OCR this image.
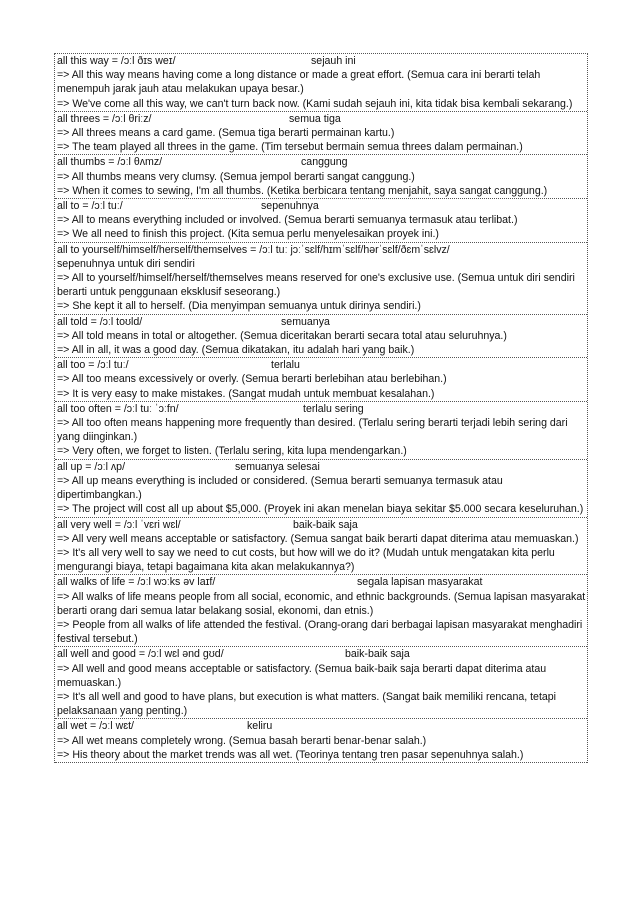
all this way = /ɔːl ðɪs weɪ/	sejauh ini
=> All this way means having come a long distance or made a great effort. (Semua cara ini berarti telah menempuh jarak jauh atau melakukan upaya besar.)
=> We've come all this way, we can't turn back now. (Kami sudah sejauh ini, kita tidak bisa kembali sekarang.)
all threes = /ɔːl θriːz/	semua tiga
=> All threes means a card game. (Semua tiga berarti permainan kartu.)
=> The team played all threes in the game. (Tim tersebut bermain semua threes dalam permainan.)
all thumbs = /ɔːl θʌmz/	canggung
=> All thumbs means very clumsy. (Semua jempol berarti sangat canggung.)
=> When it comes to sewing, I'm all thumbs. (Ketika berbicara tentang menjahit, saya sangat canggung.)
all to = /ɔːl tuː/	sepenuhnya
=> All to means everything included or involved. (Semua berarti semuanya termasuk atau terlibat.)
=> We all need to finish this project. (Kita semua perlu menyelesaikan proyek ini.)
all to yourself/himself/herself/themselves = /ɔːl tuː jɔːˈsɛlf/hɪmˈsɛlf/hərˈsɛlf/ðɛmˈsɛlvz/
sepenuhnya untuk diri sendiri
=> All to yourself/himself/herself/themselves means reserved for one's exclusive use. (Semua untuk diri sendiri berarti untuk penggunaan eksklusif seseorang.)
=> She kept it all to herself. (Dia menyimpan semuanya untuk dirinya sendiri.)
all told = /ɔːl toʊld/	semuanya
=> All told means in total or altogether. (Semua diceritakan berarti secara total atau seluruhnya.)
=> All in all, it was a good day. (Semua dikatakan, itu adalah hari yang baik.)
all too = /ɔːl tuː/	terlalu
=> All too means excessively or overly. (Semua berarti berlebihan atau berlebihan.)
=> It is very easy to make mistakes. (Sangat mudah untuk membuat kesalahan.)
all too often = /ɔːl tuː ˈɔːfn/	terlalu sering
=> All too often means happening more frequently than desired. (Terlalu sering berarti terjadi lebih sering dari yang diinginkan.)
=> Very often, we forget to listen. (Terlalu sering, kita lupa mendengarkan.)
all up = /ɔːl ʌp/	semuanya selesai
=> All up means everything is included or considered. (Semua berarti semuanya termasuk atau dipertimbangkan.)
=> The project will cost all up about $5,000. (Proyek ini akan menelan biaya sekitar $5.000 secara keseluruhan.)
all very well = /ɔːl ˈvɛri wɛl/	baik-baik saja
=> All very well means acceptable or satisfactory. (Semua sangat baik berarti dapat diterima atau memuaskan.)
=> It's all very well to say we need to cut costs, but how will we do it? (Mudah untuk mengatakan kita perlu mengurangi biaya, tetapi bagaimana kita akan melakukannya?)
all walks of life = /ɔːl wɔːks əv laɪf/	segala lapisan masyarakat
=> All walks of life means people from all social, economic, and ethnic backgrounds. (Semua lapisan masyarakat berarti orang dari semua latar belakang sosial, ekonomi, dan etnis.)
=> People from all walks of life attended the festival. (Orang-orang dari berbagai lapisan masyarakat menghadiri festival tersebut.)
all well and good = /ɔːl wɛl ənd ɡʊd/	baik-baik saja
=> All well and good means acceptable or satisfactory. (Semua baik-baik saja berarti dapat diterima atau memuaskan.)
=> It's all well and good to have plans, but execution is what matters. (Sangat baik memiliki rencana, tetapi pelaksanaan yang penting.)
all wet = /ɔːl wɛt/	keliru
=> All wet means completely wrong. (Semua basah berarti benar-benar salah.)
=> His theory about the market trends was all wet. (Teorinya tentang tren pasar sepenuhnya salah.)
